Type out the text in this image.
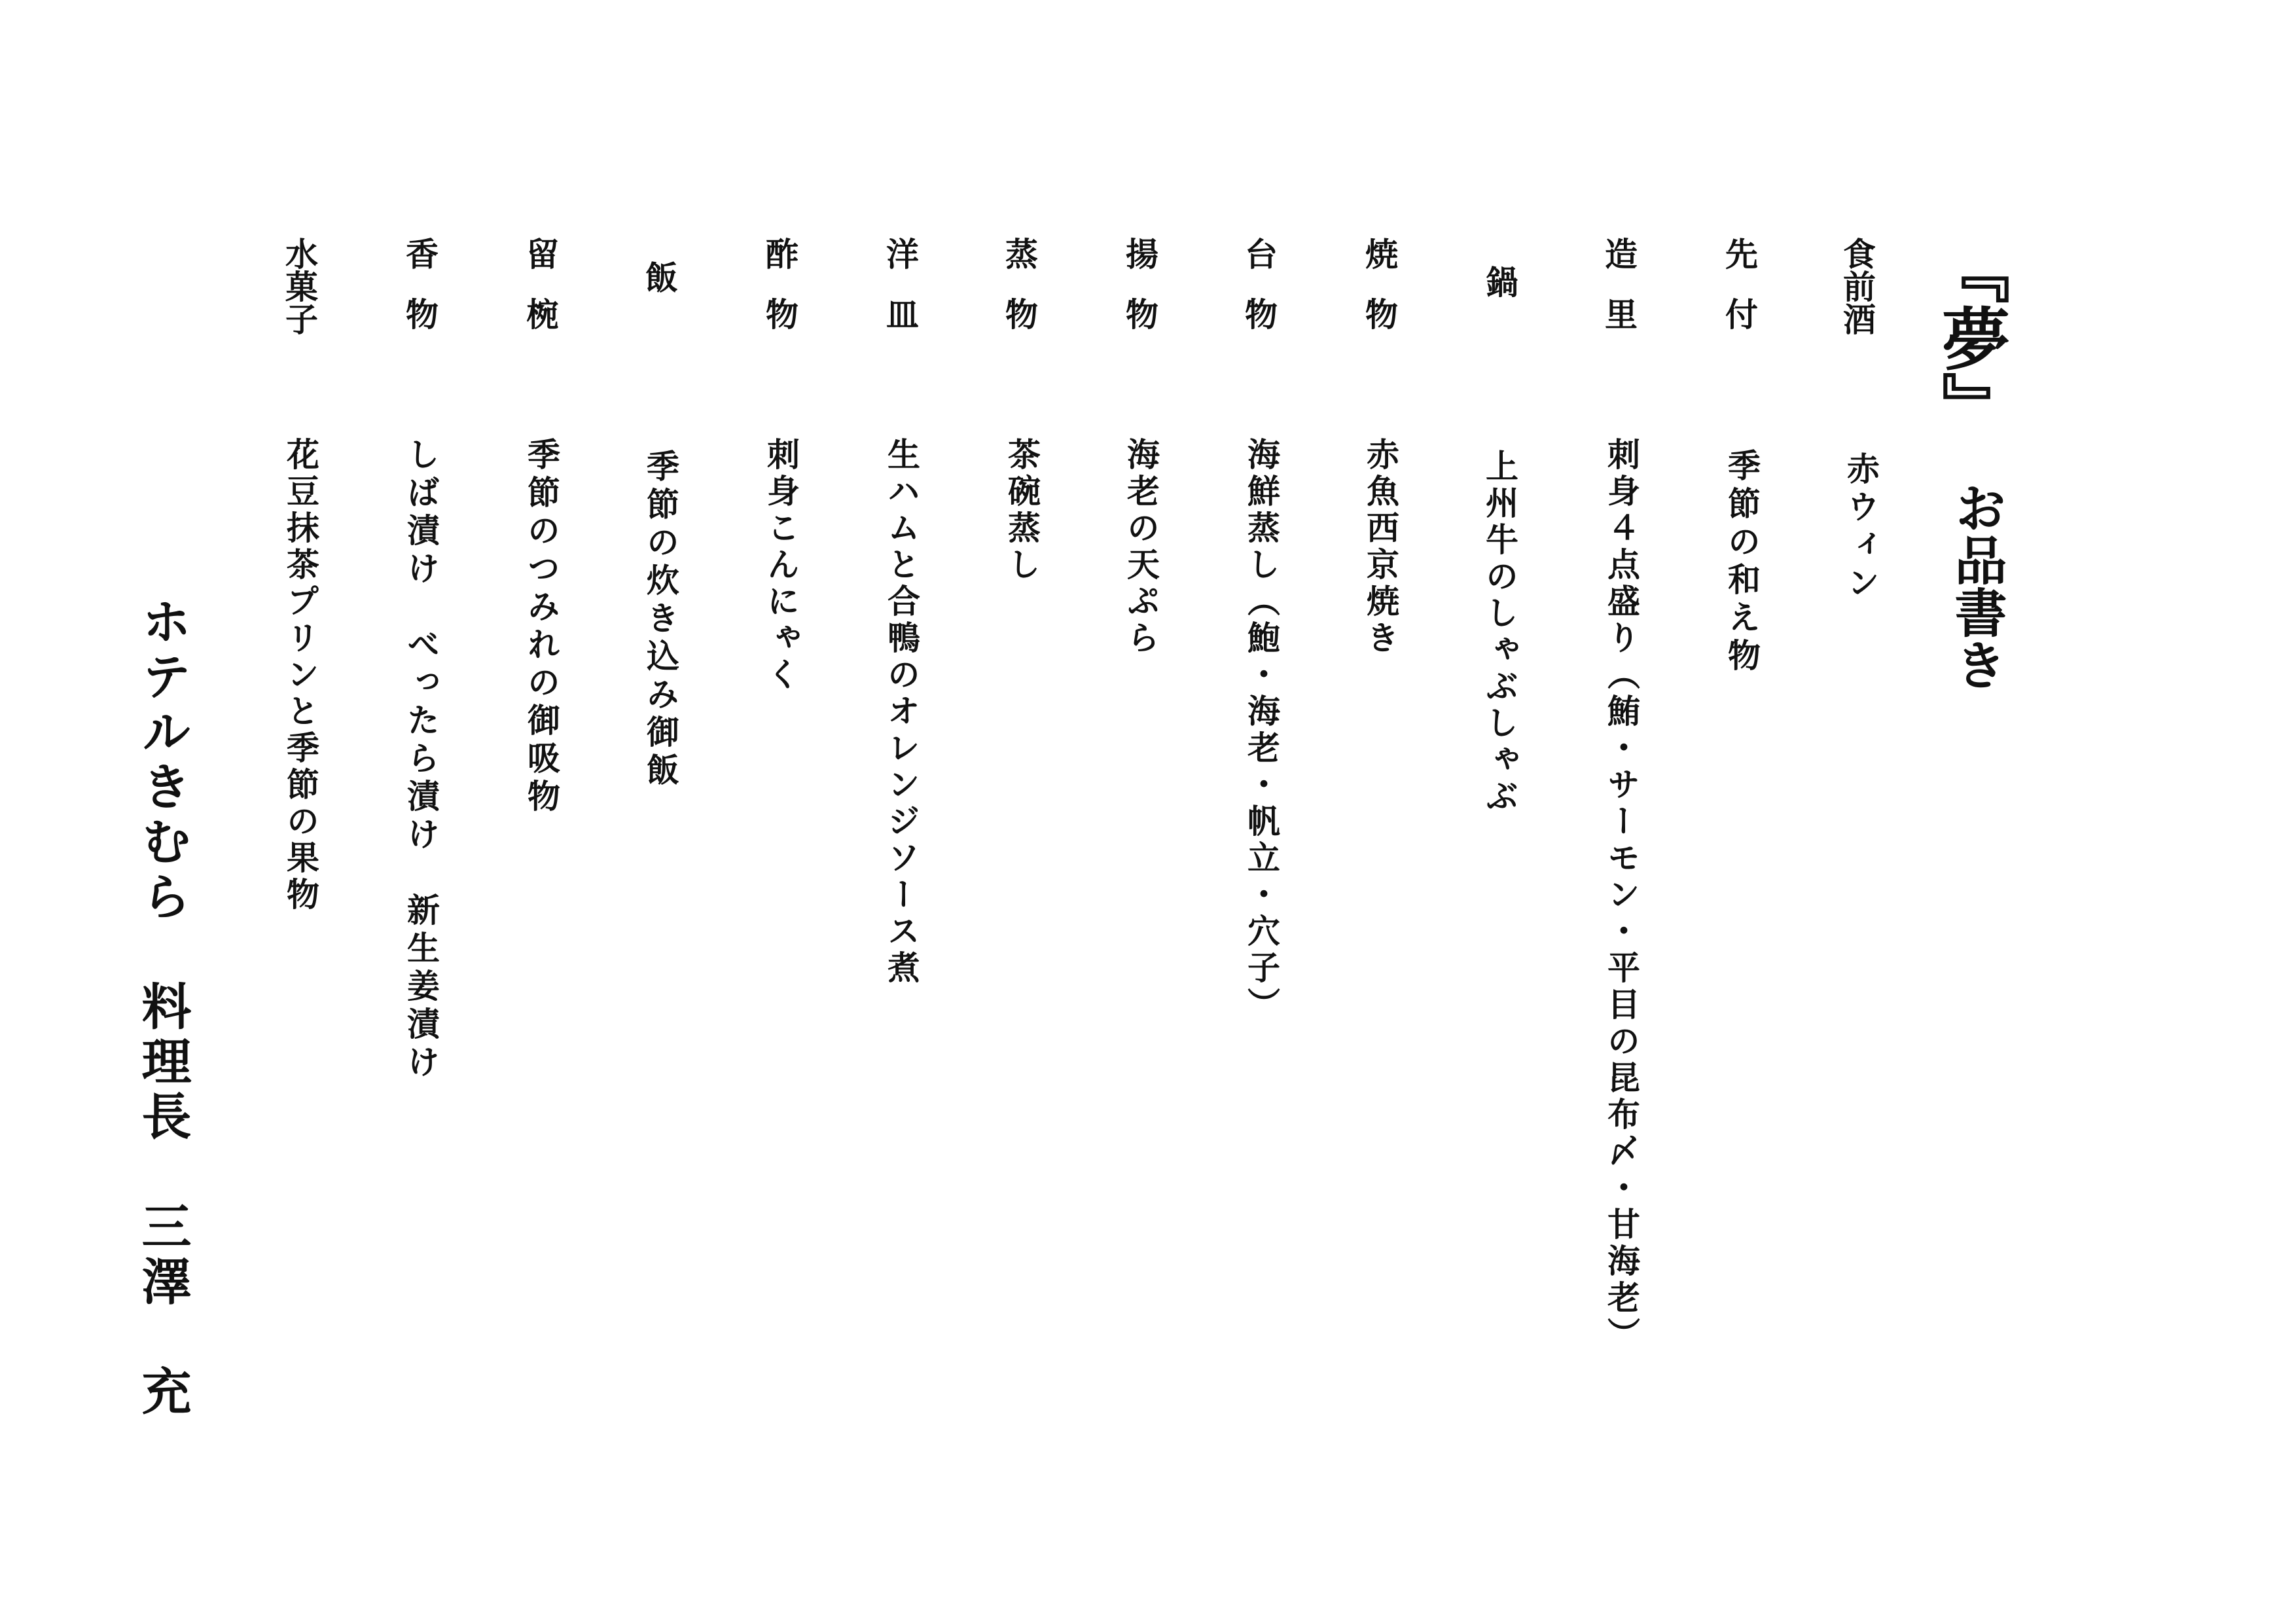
『夢』
お品書き
食前酒
赤ウィン
先付
季節の和え物
造里
刺身４点盛り（鮪・サーモン・平目の昆布〆・甘海老）
鍋
上州牛のしゃぶしゃぶ
焼物
赤魚西京焼き
台物
海鮮蒸し（鮑・海老・帆立・穴子）
揚物
海老の天ぷら
蒸物
茶碗蒸し
洋皿
生ハムと合鴨のオレンジソース煮
酢物
刺身こんにゃく
飯
季節の炊き込み御飯
留椀
季節のつみれの御吸物
香物
しば漬け　べったら漬け　新生姜漬け
水菓子
花豆抹茶プリンと季節の果物
ホテルきむら　料理長　三澤　充
